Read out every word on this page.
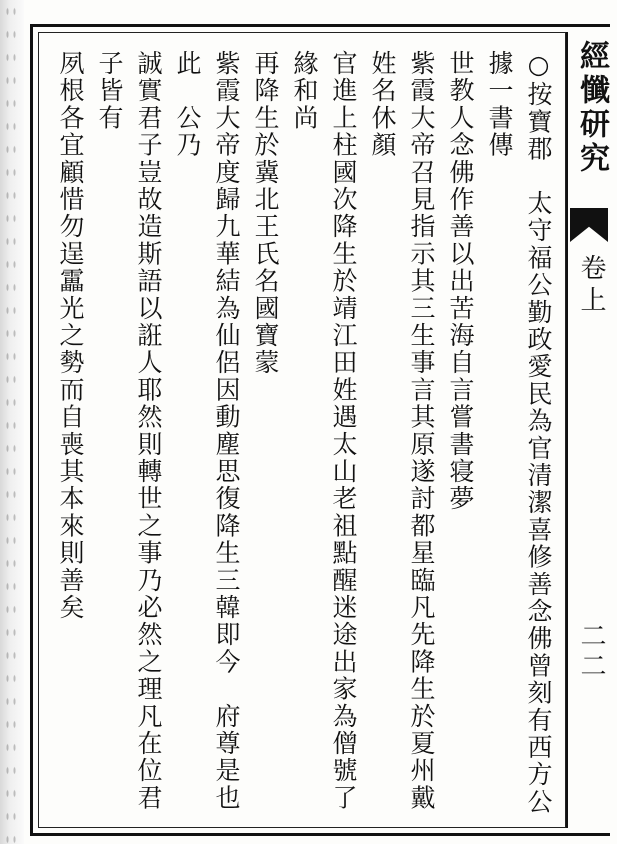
經懺研究
卷上
二二

○按寶郡　太守福公勤政愛民為官清潔喜修善念佛曾刻有西方公據一書傳

世教人念佛作善以出苦海自言嘗書寝夢

紫霞大帝召見指示其三生事言其原遂討都星臨凡先降生於夏州戴姓名休顏

官進上柱國次降生於靖江田姓遇太山老祖點醒迷途出家為僧號了緣和尚

再降生於冀北王氏名國寶蒙

紫霞大帝度歸九華結為仙侶因動塵思復降生三韓即今　府尊是也此　公乃

誠實君子豈故造斯語以誑人耶然則轉世之事乃必然之理凡在位君子皆有

夙根各宜顧惜勿逞靁光之勢而自喪其本來則善矣
